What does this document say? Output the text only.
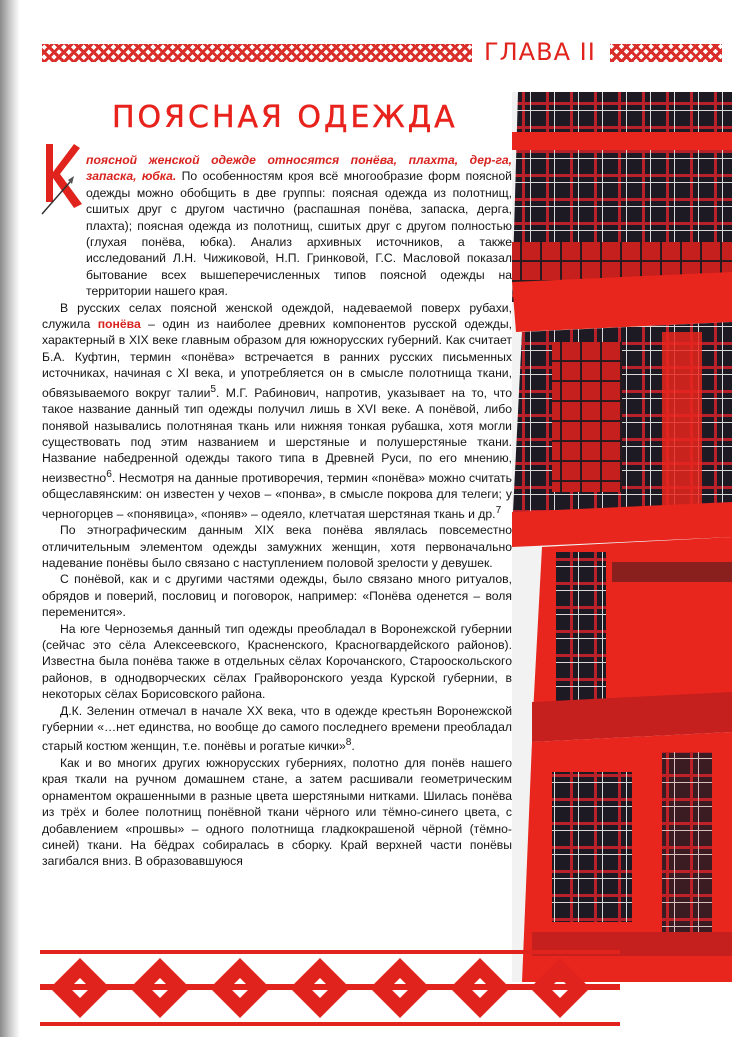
ГЛАВА II
ПОЯСНАЯ ОДЕЖДА

поясной женской одежде относятся понёва, плахта, дер-га, запаска, юбка. По особенностям кроя всё многообразие форм поясной одежды можно обобщить в две группы: поясная одежда из полотнищ, сшитых друг с другом частично (распашная понёва, запаска, дерга, плахта); поясная одежда из полотнищ, сшитых друг с другом полностью (глухая понёва, юбка). Анализ архивных источников, а также исследований Л.Н. Чижиковой, Н.П. Гринковой, Г.С. Масловой показал бытование всех вышеперечисленных типов поясной одежды на территории нашего края.

В русских селах поясной женской одеждой, надеваемой поверх рубахи, служила понёва – один из наиболее древних компонентов русской одежды, характерный в XIX веке главным образом для южнорусских губерний. Как считает Б.А. Куфтин, термин «понёва» встречается в ранних русских письменных источниках, начиная с XI века, и употребляется он в смысле полотнища ткани, обвязываемого вокруг талии$^5$. М.Г. Рабинович, напротив, указывает на то, что такое название данный тип одежды получил лишь в XVI веке. А понёвой, либо понявой назывались полотняная ткань или нижняя тонкая рубашка, хотя могли существовать под этим названием и шерстяные и полушерстяные ткани. Название набедренной одежды такого типа в Древней Руси, по его мнению, неизвестно$^6$. Несмотря на данные противоречия, термин «понёва» можно считать общеславянским: он известен у чехов – «понва», в смысле покрова для телеги; у черногорцев – «понявица», «поняв» – одеяло, клетчатая шерстяная ткань и др.$^7$

По этнографическим данным XIX века понёва являлась повсеместно отличительным элементом одежды замужних женщин, хотя первоначально надевание понёвы было связано с наступлением половой зрелости у девушек.

С понёвой, как и с другими частями одежды, было связано много ритуалов, обрядов и поверий, пословиц и поговорок, например: «Понёва оденется – воля переменится».

На юге Черноземья данный тип одежды преобладал в Воронежской губернии (сейчас это сёла Алексеевского, Красненского, Красногвардейского районов). Известна была понёва также в отдельных сёлах Корочанского, Старооскольского районов, в однодворческих сёлах Грайворонского уезда Курской губернии, в некоторых сёлах Борисовского района.

Д.К. Зеленин отмечал в начале XX века, что в одежде крестьян Воронежской губернии «…нет единства, но вообще до самого последнего времени преобладал старый костюм женщин, т.е. понёвы и рогатые кички»$^8$.

Как и во многих других южнорусских губерниях, полотно для понёв нашего края ткали на ручном домашнем стане, а затем расшивали геометрическим орнаментом окрашенными в разные цвета шерстяными нитками. Шилась понёва из трёх и более полотнищ понёвной ткани чёрного или тёмно-синего цвета, с добавлением «прошвы» – одного полотнища гладкокрашеной чёрной (тёмно-синей) ткани. На бёдрах собиралась в сборку. Край верхней части понёвы загибался вниз. В образовавшуюся
